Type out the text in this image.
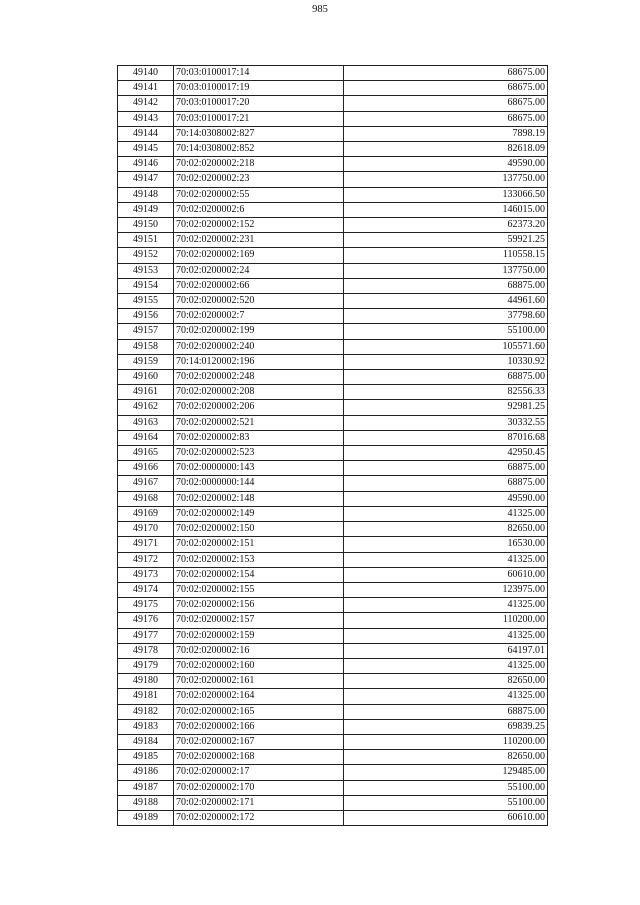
985
49140	70:03:0100017:14	68675.00
49141	70:03:0100017:19	68675.00
49142	70:03:0100017:20	68675.00
49143	70:03:0100017:21	68675.00
49144	70:14:0308002:827	7898.19
49145	70:14:0308002:852	82618.09
49146	70:02:0200002:218	49590.00
49147	70:02:0200002:23	137750.00
49148	70:02:0200002:55	133066.50
49149	70:02:0200002:6	146015.00
49150	70:02:0200002:152	62373.20
49151	70:02:0200002:231	59921.25
49152	70:02:0200002:169	110558.15
49153	70:02:0200002:24	137750.00
49154	70:02:0200002:66	68875.00
49155	70:02:0200002:520	44961.60
49156	70:02:0200002:7	37798.60
49157	70:02:0200002:199	55100.00
49158	70:02:0200002:240	105571.60
49159	70:14:0120002:196	10330.92
49160	70:02:0200002:248	68875.00
49161	70:02:0200002:208	82556.33
49162	70:02:0200002:206	92981.25
49163	70:02:0200002:521	30332.55
49164	70:02:0200002:83	87016.68
49165	70:02:0200002:523	42950.45
49166	70:02:0000000:143	68875.00
49167	70:02:0000000:144	68875.00
49168	70:02:0200002:148	49590.00
49169	70:02:0200002:149	41325.00
49170	70:02:0200002:150	82650.00
49171	70:02:0200002:151	16530.00
49172	70:02:0200002:153	41325.00
49173	70:02:0200002:154	60610.00
49174	70:02:0200002:155	123975.00
49175	70:02:0200002:156	41325.00
49176	70:02:0200002:157	110200.00
49177	70:02:0200002:159	41325.00
49178	70:02:0200002:16	64197.01
49179	70:02:0200002:160	41325.00
49180	70:02:0200002:161	82650.00
49181	70:02:0200002:164	41325.00
49182	70:02:0200002:165	68875.00
49183	70:02:0200002:166	69839.25
49184	70:02:0200002:167	110200.00
49185	70:02:0200002:168	82650.00
49186	70:02:0200002:17	129485.00
49187	70:02:0200002:170	55100.00
49188	70:02:0200002:171	55100.00
49189	70:02:0200002:172	60610.00
